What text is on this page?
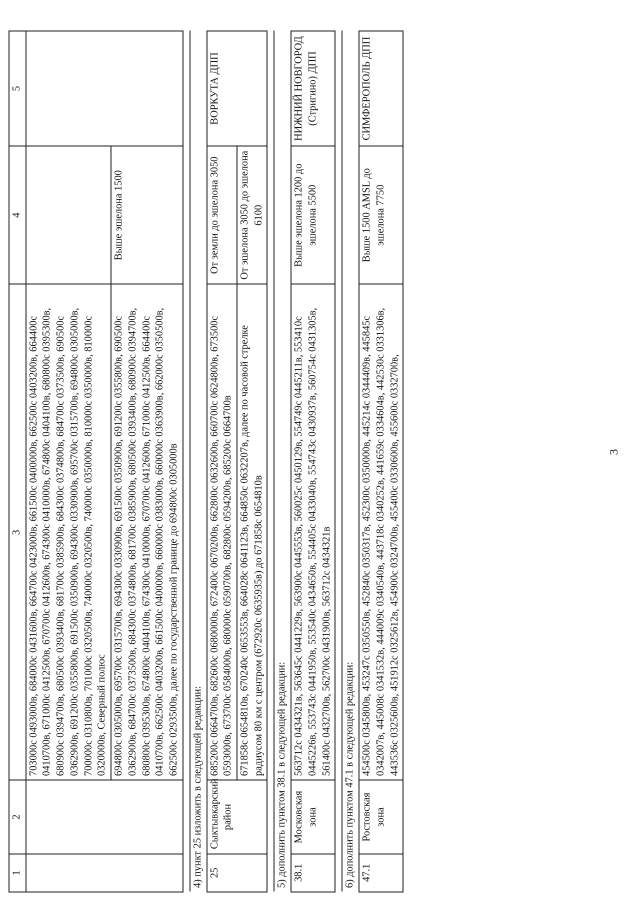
3
1	2	3	4	5
		703000с 0493000в, 684000с 0431600в, 664700с 0423000в, 661500с 0400000в, 662500с 0403200в, 664400с 0410700в, 671000с 0412500в, 670700с 0412600в, 674300с 0410000в, 674800с 0404100в, 680800с 0395300в, 680900с 0394700в, 680500с 0393400в, 681700с 0385900в, 684300с 0374800в, 684700с 0373500в, 690500с 0362900в, 691200с 0355800в, 691500с 0350900в, 694300с 0330900в, 695700с 0315700в, 694800с 0305000в, 700000с 0310800в, 701000с 0320500в, 740000с 0320500в, 740000с 0350000в, 810000с 0350000в, 810000с 0320000в, Северный полюс		
		694800с 0305000в, 695700с 0315700в, 694300с 0330900в, 691500с 0350900в, 691200с 0355800в, 690500с 0362900в, 684700с 0373500в, 684300с 0374800в, 681700с 0385900в, 680500с 0393400в, 680900с 0394700в, 680800с 0395300в, 674800с 0404100в, 674300с 0410000в, 670700с 0412600в, 671000с 0412500в, 664400с 0410700в, 662500с 0403200в, 661500с 0400000в, 660000с 0383000в, 660000с 0363900в, 662000с 0350500в, 662500с 0293500в, далее по государственной границе до 694800с 0305000в	Выше эшелона 1500	

4) пункт 25 изложить в следующей редакции:				
25	Сыктывкарский район	685200с 0664700в, 682600с 0680000в, 672400с 0670200в, 662800с 0632600в, 660700с 0624800в, 673500с 0593000в, 673700с 0584000в, 680000с 0590700в, 682800с 0594200в, 685200с 0664700в	От земли до эшелона 3050	ВОРКУТА ДПП
		671858с 0654810в, 670240с 0653553в, 664028с 0641123в, 664850с 0632207в, далее по часовой стрелке радиусом 80 км с центром (672920с 0635935в) до 671858с 0654810в	От эшелона 3050 до эшелона 6100	

5) дополнить пунктом 38.1 в следующей редакции:				
38.1	Московская зона	563712с 0434321в, 563645с 0441229в, 563900с 0445553в, 560025с 0450129в, 554749с 0445211в, 553410с 0445226в, 553743с 0441950в, 553540с 0434650в, 554405с 0433040в, 554743с 0430937в, 560754с 0431305в, 561400с 0432700в, 562700с 0431900в, 563712с 0434321в	Выше эшелона 1200 до эшелона 5500	НИЖНИЙ НОВГОРОД (Стригино) ДПП

6) дополнить пунктом 47.1 в следующей редакции:				
47.1	Ростовская зона	454500с 0345800в, 453247с 0350550в, 452840с 0350317в, 452300с 0350000в, 445214с 0344409в, 445845с 0342007в, 445008с 0341532в, 444009с 0340540в, 443718с 0340252в, 441659с 0334604в, 442530с 0331306в, 443536с 0325600в, 451912с 0325612в, 454900с 0324700в, 455400с 0330600в, 455600с 0332700в,	Выше 1500 AMSL до эшелона 7750	СИМФЕРОПОЛЬ ДПП
